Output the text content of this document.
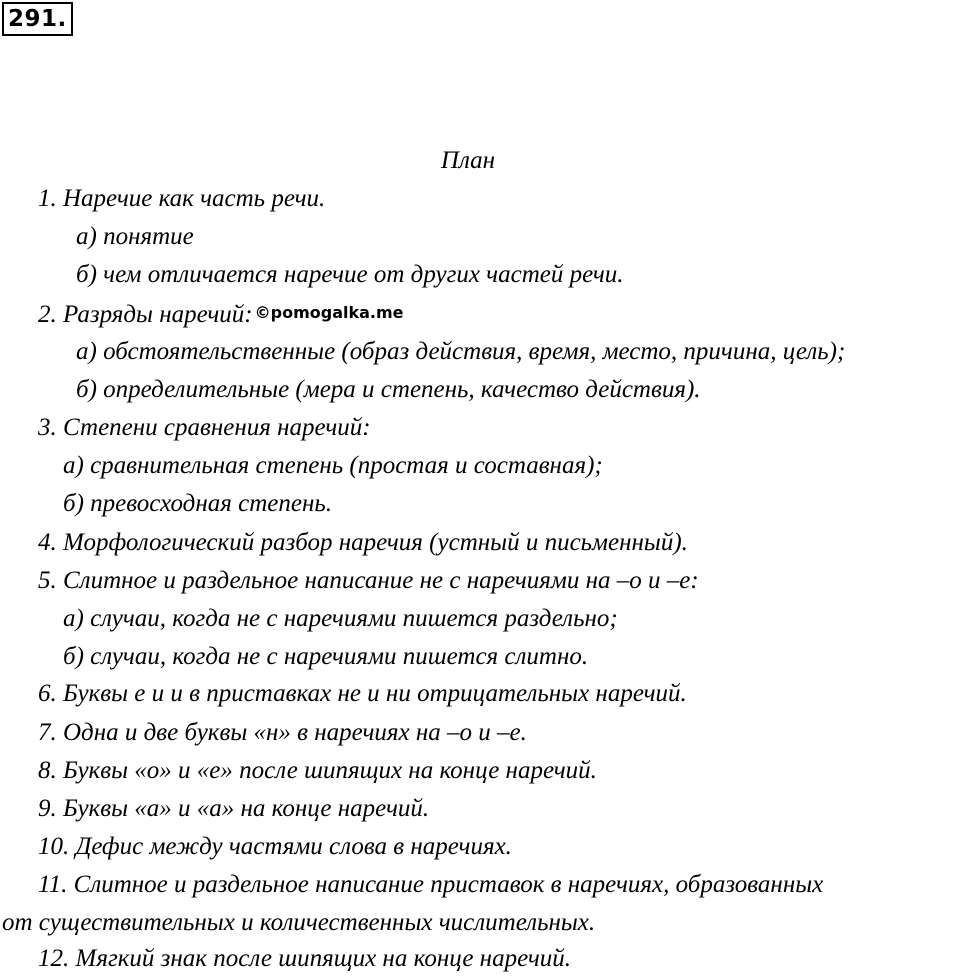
291.
План
1. Наречие как часть речи.
а) понятие
б) чем отличается наречие от других частей речи.
2. Разряды наречий: ©pomogalka.me
а) обстоятельственные (образ действия, время, место, причина, цель);
б) определительные (мера и степень, качество действия).
3. Степени сравнения наречий:
а) сравнительная степень (простая и составная);
б) превосходная степень.
4. Морфологический разбор наречия (устный и письменный).
5. Слитное и раздельное написание не с наречиями на –о и –е:
а) случаи, когда не с наречиями пишется раздельно;
б) случаи, когда не с наречиями пишется слитно.
6. Буквы е и и в приставках не и ни отрицательных наречий.
7. Одна и две буквы «н» в наречиях на –о и –е.
8. Буквы «о» и «е» после шипящих на конце наречий.
9. Буквы «а» и «а» на конце наречий.
10. Дефис между частями слова в наречиях.
11. Слитное и раздельное написание приставок в наречиях, образованных
от существительных и количественных числительных.
12. Мягкий знак после шипящих на конце наречий.
